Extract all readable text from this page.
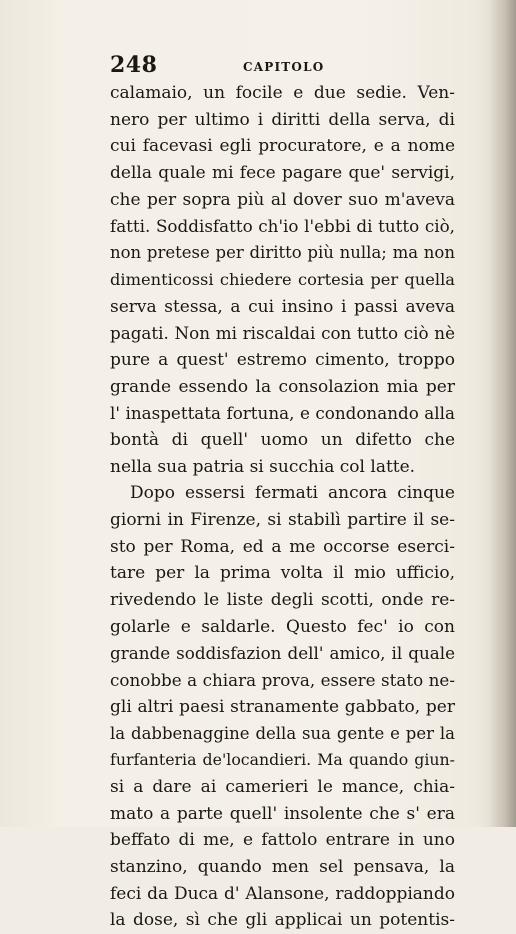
248	CAPITOLO
calamaio, un focile e due sedie. Ven-
nero per ultimo i diritti della serva, di
cui facevasi egli procuratore, e a nome
della quale mi fece pagare que' servigi,
che per sopra più al dover suo m'aveva
fatti. Soddisfatto ch'io l'ebbi di tutto ciò,
non pretese per diritto più nulla; ma non
dimenticossi chiedere cortesia per quella
serva stessa, a cui insino i passi aveva
pagati. Non mi riscaldai con tutto ciò nè
pure a quest' estremo cimento, troppo
grande essendo la consolazion mia per
l' inaspettata fortuna, e condonando alla
bontà di quell' uomo un difetto che
nella sua patria si succhia col latte.
Dopo essersi fermati ancora cinque
giorni in Firenze, si stabilì partire il se-
sto per Roma, ed a me occorse eserci-
tare per la prima volta il mio ufficio,
rivedendo le liste degli scotti, onde re-
golarle e saldarle. Questo fec' io con
grande soddisfazion dell' amico, il quale
conobbe a chiara prova, essere stato ne-
gli altri paesi stranamente gabbato, per
la dabbenaggine della sua gente e per la
furfanteria de'locandieri. Ma quando giun-
si a dare ai camerieri le mance, chia-
mato a parte quell' insolente che s' era
beffato di me, e fattolo entrare in uno
stanzino, quando men sel pensava, la
feci da Duca d' Alansone, raddoppiando
la dose, sì che gli applicai un potentis-
